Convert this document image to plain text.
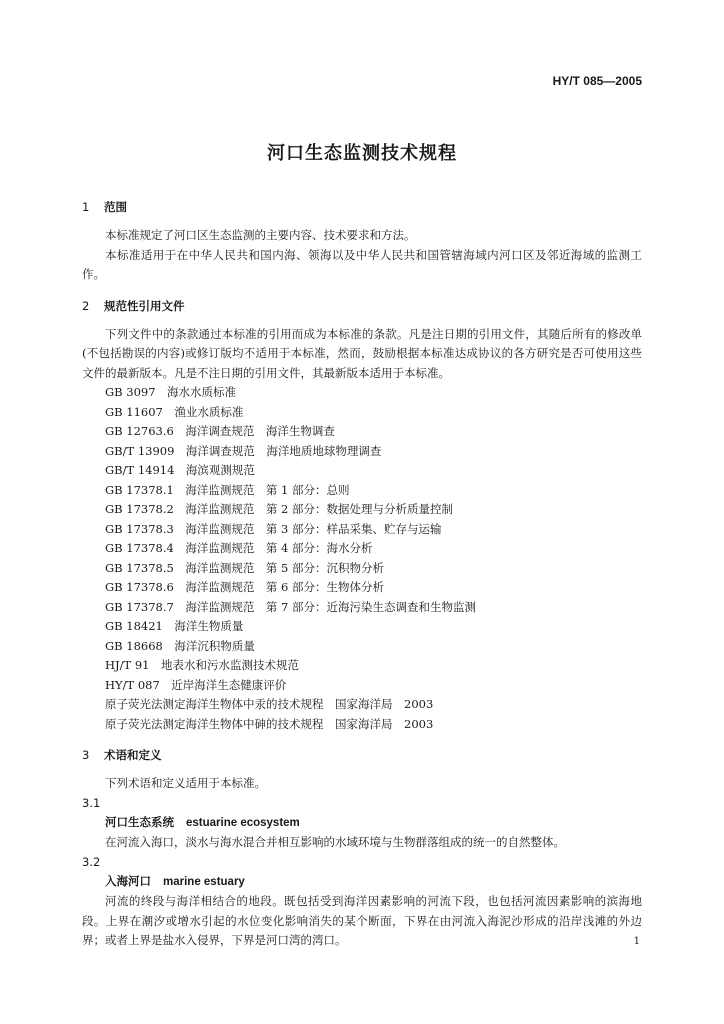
HY/T 085—2005
河口生态监测技术规程
1 范围
本标准规定了河口区生态监测的主要内容、技术要求和方法。
本标准适用于在中华人民共和国内海、领海以及中华人民共和国管辖海域内河口区及邻近海域的监测工作。
2 规范性引用文件
下列文件中的条款通过本标准的引用而成为本标准的条款。凡是注日期的引用文件，其随后所有的修改单(不包括勘误的内容)或修订版均不适用于本标准，然而，鼓励根据本标准达成协议的各方研究是否可使用这些文件的最新版本。凡是不注日期的引用文件，其最新版本适用于本标准。
GB 3097　海水水质标准
GB 11607　渔业水质标准
GB 12763.6　海洋调查规范　海洋生物调查
GB/T 13909　海洋调查规范　海洋地质地球物理调查
GB/T 14914　海滨观测规范
GB 17378.1　海洋监测规范　第 1 部分：总则
GB 17378.2　海洋监测规范　第 2 部分：数据处理与分析质量控制
GB 17378.3　海洋监测规范　第 3 部分：样品采集、贮存与运输
GB 17378.4　海洋监测规范　第 4 部分：海水分析
GB 17378.5　海洋监测规范　第 5 部分：沉积物分析
GB 17378.6　海洋监测规范　第 6 部分：生物体分析
GB 17378.7　海洋监测规范　第 7 部分：近海污染生态调查和生物监测
GB 18421　海洋生物质量
GB 18668　海洋沉积物质量
HJ/T 91　地表水和污水监测技术规范
HY/T 087　近岸海洋生态健康评价
原子荧光法测定海洋生物体中汞的技术规程　国家海洋局　2003
原子荧光法测定海洋生物体中砷的技术规程　国家海洋局　2003
3 术语和定义
下列术语和定义适用于本标准。
3.1
河口生态系统 estuarine ecosystem
在河流入海口，淡水与海水混合并相互影响的水域环境与生物群落组成的统一的自然整体。
3.2
入海河口 marine estuary
河流的终段与海洋相结合的地段。既包括受到海洋因素影响的河流下段，也包括河流因素影响的滨海地段。上界在潮汐或增水引起的水位变化影响消失的某个断面，下界在由河流入海泥沙形成的沿岸浅滩的外边界；或者上界是盐水入侵界，下界是河口湾的湾口。	1
